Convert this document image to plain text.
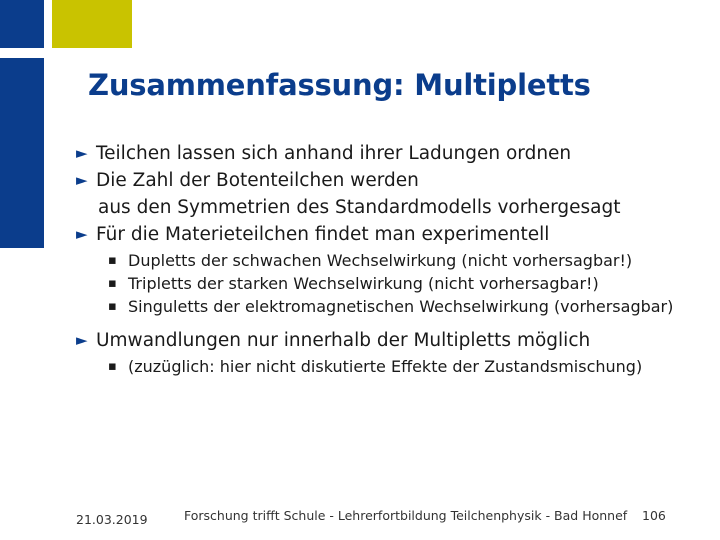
Zusammenfassung: Multipletts
► Teilchen lassen sich anhand ihrer Ladungen ordnen
► Die Zahl der Botenteilchen werden
aus den Symmetrien des Standardmodells vorhergesagt
► Für die Materieteilchen findet man experimentell
▪ Dupletts der schwachen Wechselwirkung (nicht vorhersagbar!)
▪ Tripletts der starken Wechselwirkung (nicht vorhersagbar!)
▪ Singuletts der elektromagnetischen Wechselwirkung (vorhersagbar)
► Umwandlungen nur innerhalb der Multipletts möglich
▪ (zuzüglich: hier nicht diskutierte Effekte der Zustandsmischung)
21.03.2019	Forschung trifft Schule - Lehrerfortbildung Teilchenphysik - Bad Honnef 106
